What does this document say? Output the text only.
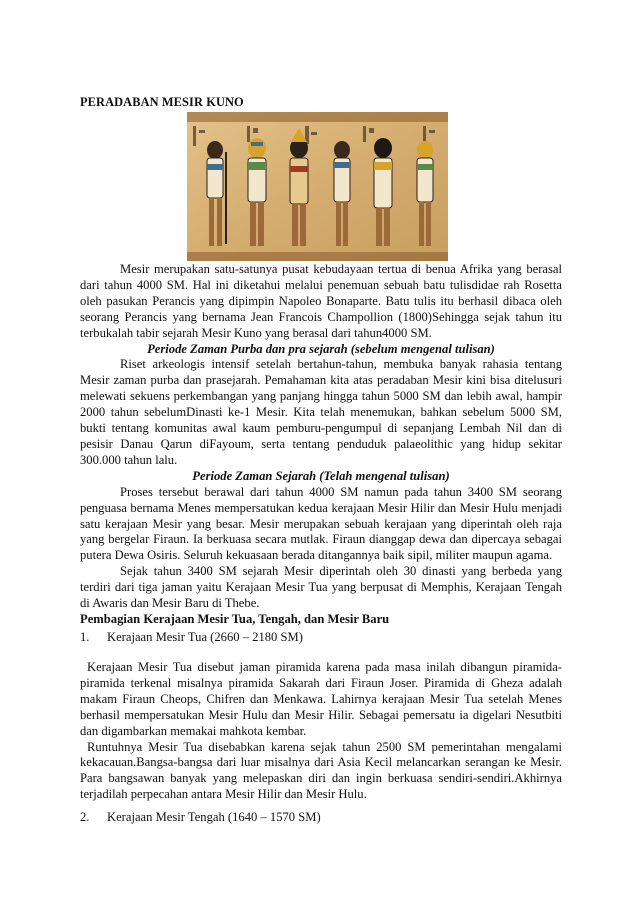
PERADABAN MESIR KUNO

Mesir merupakan satu-satunya pusat kebudayaan tertua di benua Afrika yang berasal dari tahun 4000 SM. Hal ini diketahui melalui penemuan sebuah batu tulisdidae rah Rosetta oleh pasukan Perancis yang dipimpin Napoleo Bonaparte. Batu tulis itu berhasil dibaca oleh seorang Perancis yang bernama Jean Francois Champollion (1800)Sehingga sejak tahun itu terbukalah tabir sejarah Mesir Kuno yang berasal dari tahun4000 SM.

Periode Zaman Purba dan pra sejarah (sebelum mengenal tulisan)

Riset arkeologis intensif setelah bertahun-tahun, membuka banyak rahasia tentang Mesir zaman purba dan prasejarah. Pemahaman kita atas peradaban Mesir kini bisa ditelusuri melewati sekuens perkembangan yang panjang hingga tahun 5000 SM dan lebih awal, hampir 2000 tahun sebelumDinasti ke-1 Mesir. Kita telah menemukan, bahkan sebelum 5000 SM, bukti tentang komunitas awal kaum pemburu-pengumpul di sepanjang Lembah Nil dan di pesisir Danau Qarun diFayoum, serta tentang penduduk palaeolithic yang hidup sekitar 300.000 tahun lalu.

Periode Zaman Sejarah (Telah mengenal tulisan)

Proses tersebut berawal dari tahun 4000 SM namun pada tahun 3400 SM seorang penguasa bernama Menes mempersatukan kedua kerajaan Mesir Hilir dan Mesir Hulu menjadi satu kerajaan Mesir yang besar. Mesir merupakan sebuah kerajaan yang diperintah oleh raja yang bergelar Firaun. Ia berkuasa secara mutlak. Firaun dianggap dewa dan dipercaya sebagai putera Dewa Osiris. Seluruh kekuasaan berada ditangannya baik sipil, militer maupun agama.

Sejak tahun 3400 SM sejarah Mesir diperintah oleh 30 dinasti yang berbeda yang terdiri dari tiga jaman yaitu Kerajaan Mesir Tua yang berpusat di Memphis, Kerajaan Tengah di Awaris dan Mesir Baru di Thebe.

Pembagian Kerajaan Mesir Tua, Tengah, dan Mesir Baru

1. Kerajaan Mesir Tua (2660 – 2180 SM)

Kerajaan Mesir Tua disebut jaman piramida karena pada masa inilah dibangun piramida-piramida terkenal misalnya piramida Sakarah dari Firaun Joser. Piramida di Gheza adalah makam Firaun Cheops, Chifren dan Menkawa. Lahirnya kerajaan Mesir Tua setelah Menes berhasil mempersatukan Mesir Hulu dan Mesir Hilir. Sebagai pemersatu ia digelari Nesutbiti dan digambarkan memakai mahkota kembar.

Runtuhnya Mesir Tua disebabkan karena sejak tahun 2500 SM pemerintahan mengalami kekacauan.Bangsa-bangsa dari luar misalnya dari Asia Kecil melancarkan serangan ke Mesir. Para bangsawan banyak yang melepaskan diri dan ingin berkuasa sendiri-sendiri.Akhirnya terjadilah perpecahan antara Mesir Hilir dan Mesir Hulu.

2. Kerajaan Mesir Tengah (1640 – 1570 SM)
